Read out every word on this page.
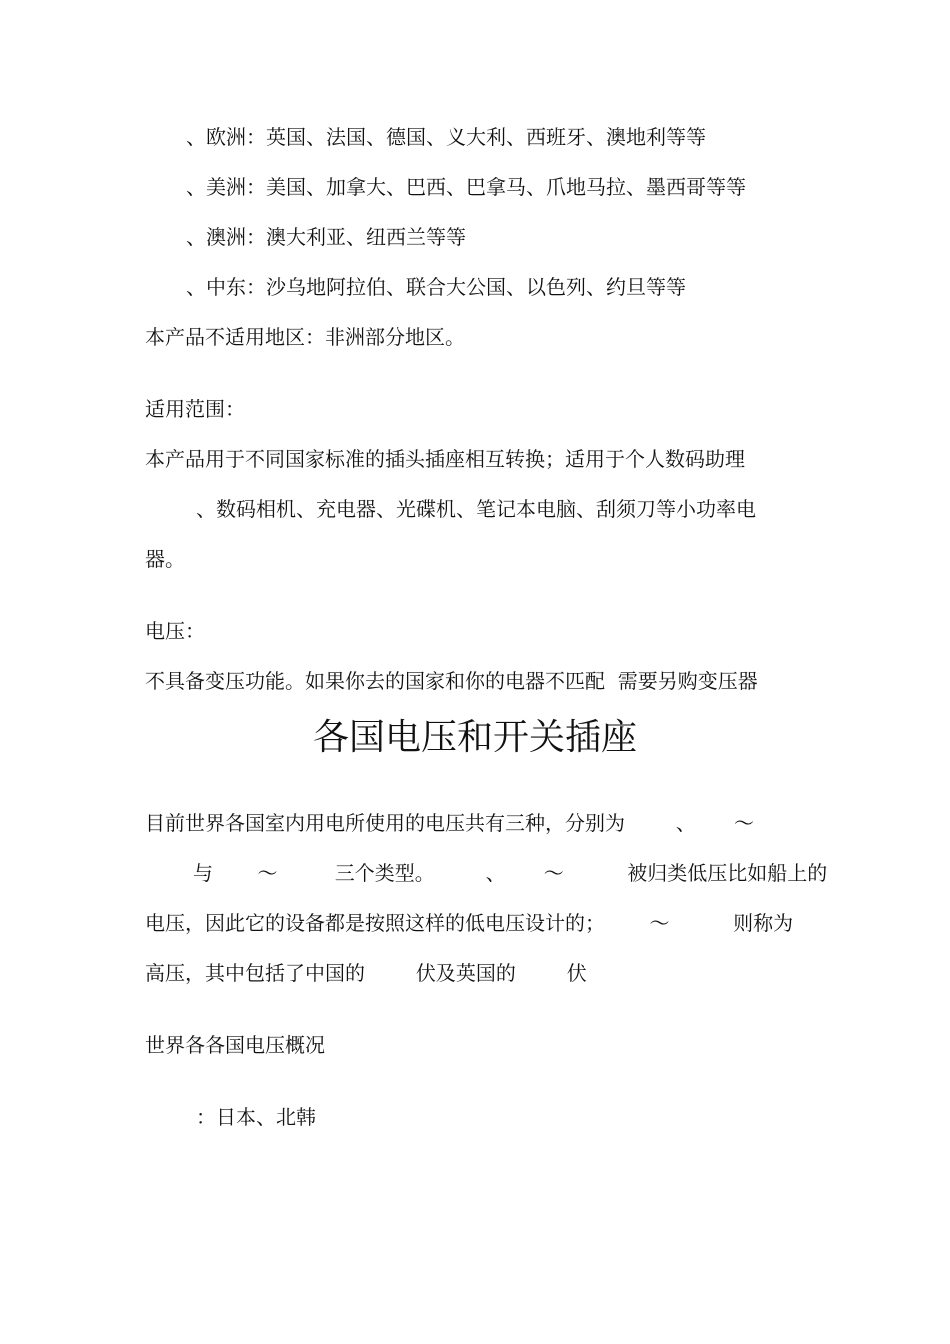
、欧洲：英国、法国、德国、义大利、西班牙、澳地利等等

、美洲：美国、加拿大、巴西、巴拿马、爪地马拉、墨西哥等等

、澳洲：澳大利亚、纽西兰等等

、中东：沙乌地阿拉伯、联合大公国、以色列、约旦等等

本产品不适用地区：非洲部分地区。

适用范围：

本产品用于不同国家标准的插头插座相互转换；适用于个人数码助理

、数码相机、充电器、光碟机、笔记本电脑、刮须刀等小功率电

器。

电压：

不具备变压功能。如果你去的国家和你的电器不匹配  需要另购变压器

各国电压和开关插座

目前世界各国室内用电所使用的电压共有三种，分别为        、      ～

与       ～         三个类型。        、      ～          被归类低压比如船上的

电压，因此它的设备都是按照这样的低电压设计的；       ～          则称为

高压，其中包括了中国的        伏及英国的        伏

世界各各国电压概况

：日本、北韩
